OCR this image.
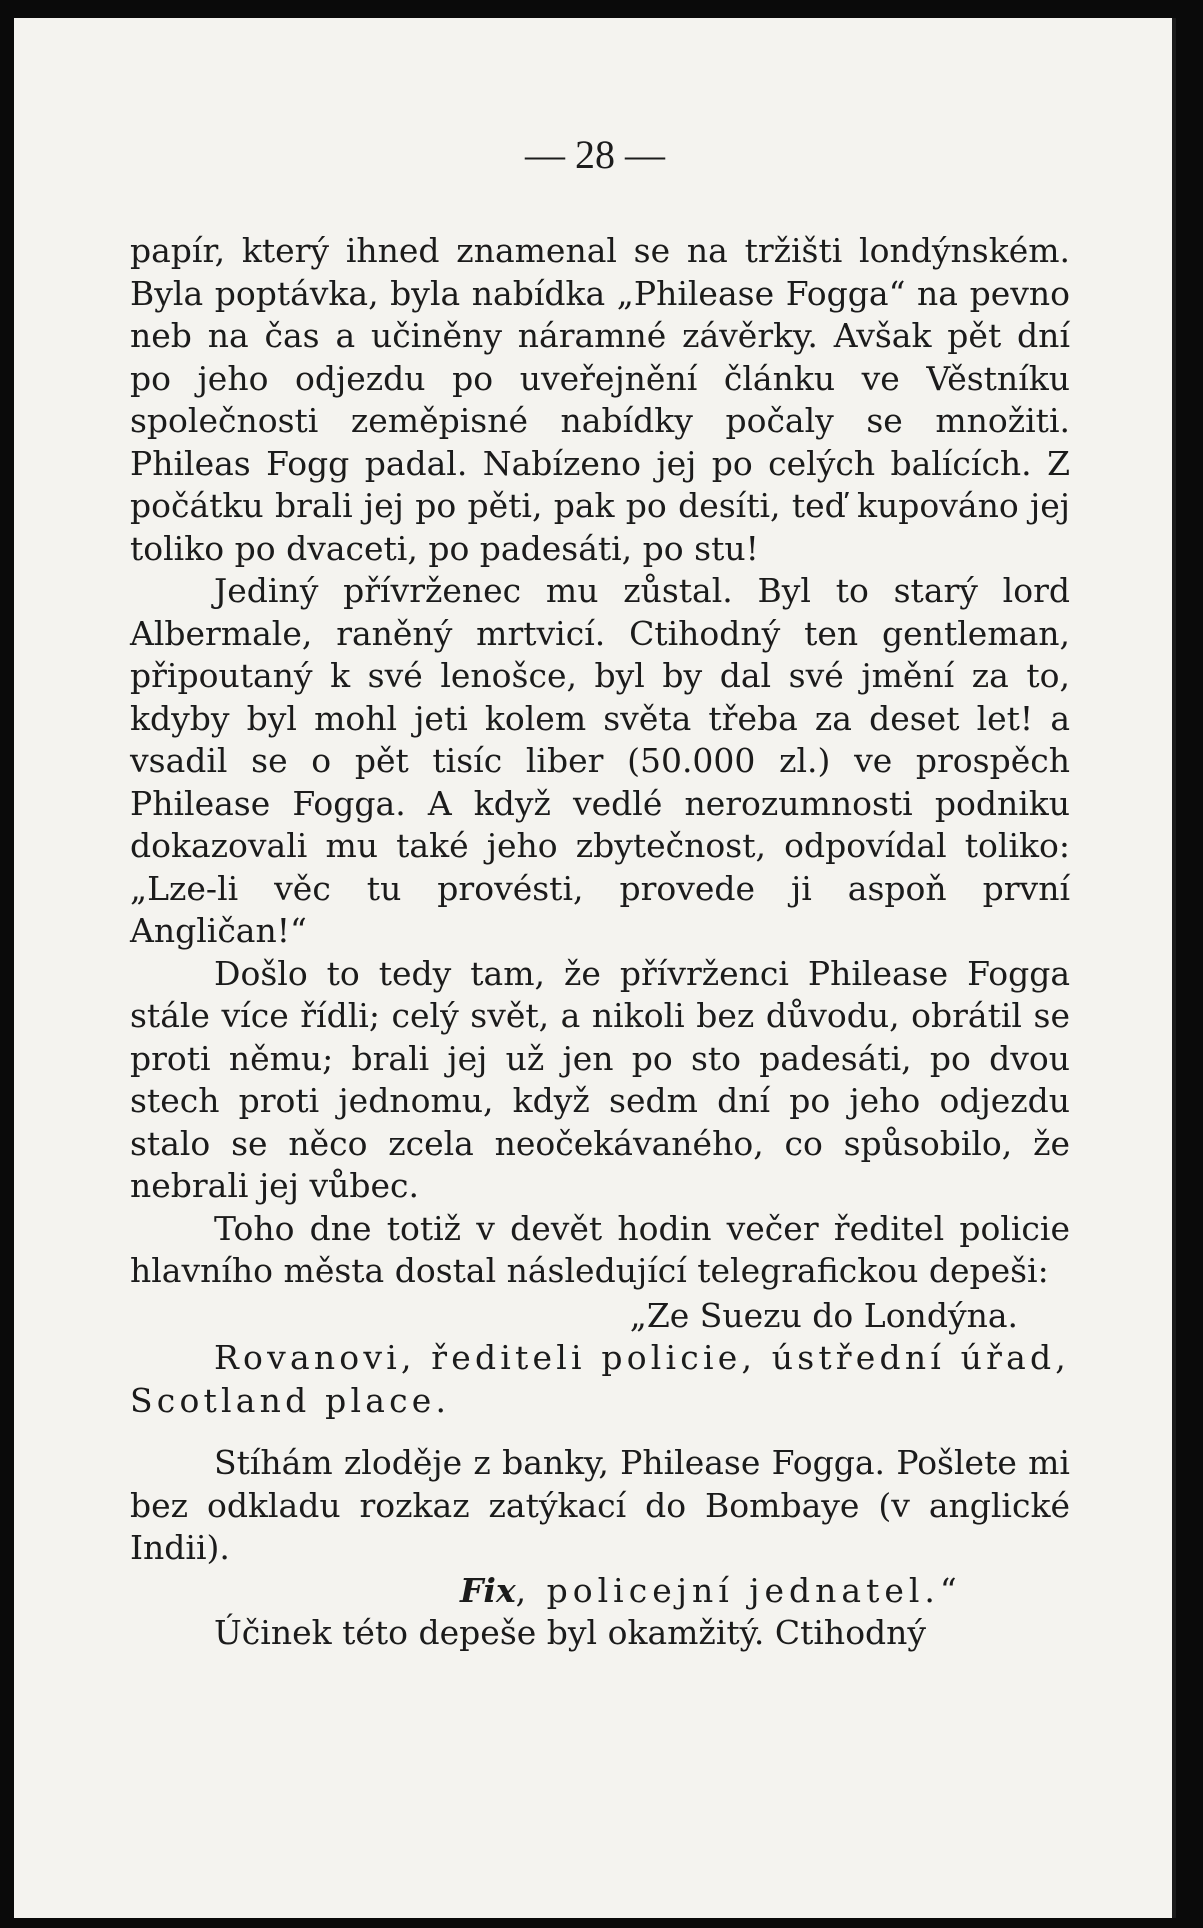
— 28 —

papír, který ihned znamenal se na tržišti londýnském. Byla poptávka, byla nabídka „Philease Fogga“ na pevno neb na čas a učiněny náramné závěrky. Avšak pět dní po jeho odjezdu po uveřejnění článku ve Věstníku společnosti zeměpisné nabídky počaly se množiti. Phileas Fogg padal. Nabízeno jej po celých balících. Z počátku brali jej po pěti, pak po desíti, teď kupováno jej toliko po dvaceti, po padesáti, po stu!

Jediný přívrženec mu zůstal. Byl to starý lord Albermale, raněný mrtvicí. Ctihodný ten gentleman, připoutaný k své lenošce, byl by dal své jmění za to, kdyby byl mohl jeti kolem světa třeba za deset let! a vsadil se o pět tisíc liber (50.000 zl.) ve prospěch Philease Fogga. A když vedlé nerozumnosti podniku dokazovali mu také jeho zbytečnost, odpovídal toliko: „Lze-li věc tu provésti, provede ji aspoň první Angličan!“

Došlo to tedy tam, že přívrženci Philease Fogga stále více řídli; celý svět, a nikoli bez důvodu, obrátil se proti němu; brali jej už jen po sto padesáti, po dvou stech proti jednomu, když sedm dní po jeho odjezdu stalo se něco zcela neočekávaného, co spůsobilo, že nebrali jej vůbec.

Toho dne totiž v devět hodin večer ředitel policie hlavního města dostal následující telegrafickou depeši:

„Ze Suezu do Londýna.

Rovanovi, řediteli policie, ústřední úřad, Scotland place.

Stíhám zloděje z banky, Philease Fogga. Pošlete mi bez odkladu rozkaz zatýkací do Bombaye (v anglické Indii).

Fix, policejní jednatel.“

Účinek této depeše byl okamžitý. Ctihodný
